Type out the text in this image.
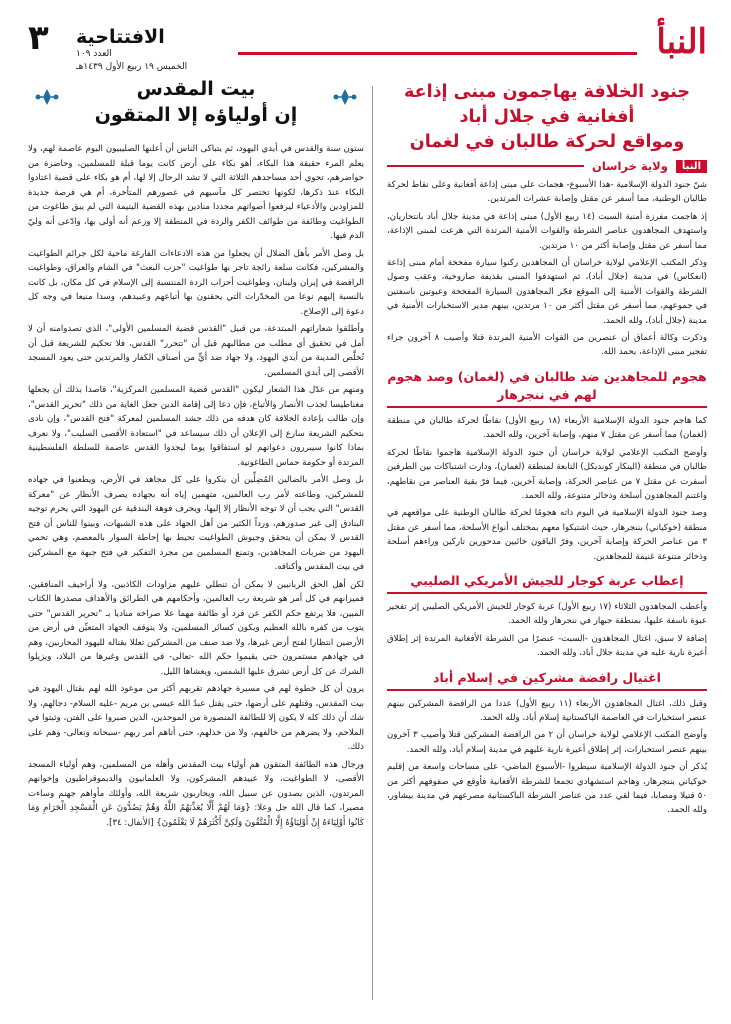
النبأ
الافتتاحية
العدد ١٠٩
الخميس ١٩ ربيع الأول ١٤٣٩هـ
٣
جنود الخلافة يهاجمون مبنى إذاعة
أفغانية في جلال أباد
ومواقع لحركة طالبان في لغمان
النبأ
ولاية خراسان

شنّ جنود الدولة الإسلامية -هذا الأسبوع- هجمات على مبنى إذاعة أفغانية وعلى نقاط لحركة طالبان الوطنية، مما أسفر عن مقتل وإصابة عشرات المرتدين.

إذ هاجمت مفرزة أمنية السبت (١٤ ربيع الأول) مبنى إذاعة في مدينة جلال أباد بانتحاريان، واستهدف المجاهدون عناصر الشرطة والقوات الأمنية المرتدة التي هرعت لمبنى الإذاعة، مما أسفر عن مقتل وإصابة أكثر من ١٠ مرتدين.

وذكر المكتب الإعلامي لولاية خراسان أن المجاهدين ركنوا سيارة مفخخة أمام مبنى إذاعة (انعكاس) في مدينة (جلال أباد)، ثم استهدفوا المبنى بقذيفة صاروخية، وعقب وصول الشرطة والقوات الأمنية إلى الموقع فجّر المجاهدون السيارة المفخخة وعبوتين ناسفتين في جموعهم، مما أسفر عن مقتل أكثر من ١٠ مرتدين، بينهم مدير الاستخبارات الأمنية في مدينة (جلال أباد)، ولله الحمد.

وذكرت وكالة أعماق أن عنصرين من القوات الأمنية المرتدة قتلا وأصيب ٨ آخرون جراء تفجير مبنى الإذاعة، بحمد الله.

هجوم للمجاهدين ضد طالبان في (لغمان) وصد هجوم لهم في ننجرهار

كما هاجم جنود الدولة الإسلامية الأربعاء (١٨ ربيع الأول) نقاطًا لحركة طالبان في منطقة (لغمان) مما أسفر عن مقتل ٧ منهم، وإصابة آخرين، ولله الحمد.

وأوضح المكتب الإعلامي لولاية خراسان أن جنود الدولة الإسلامية هاجموا نقاطًا لحركة طالبان في منطقة (الينكار كونديكل) التابعة لمنطقة (لغمان)، ودارت اشتباكات بين الطرفين أسفرت عن مقتل ٧ من عناصر الحركة، وإصابة آخرين، فيما فرّ بقية العناصر من نقاطهم، واغتنم المجاهدون أسلحة وذخائر متنوعة، ولله الحمد.

وصد جنود الدولة الإسلامية في اليوم ذاته هجومًا لحركة طالبان الوطنية على مواقعهم في منطقة (خوكياني) بننجرهار، حيث اشتبكوا معهم بمختلف أنواع الأسلحة، مما أسفر عن مقتل ٣ من عناصر الحركة وإصابة آخرين، وفرّ الباقون خائبين مدحورين تاركين وراءهم أسلحة وذخائر متنوعة غنيمة للمجاهدين.

إعطاب عربة كوجار للجيش الأمريكي الصليبي

وأعطب المجاهدون الثلاثاء (١٧ ربيع الأول) عربة كوجار للجيش الأمريكي الصليبي إثر تفجير عبوة ناسفة عليها، بمنطقة جبهار في ننجرهار ولله الحمد.

إضافة لا سبق، اغتال المجاهدون -السبت- عنصرًا من الشرطة الأفغانية المرتدة إثر إطلاق أعيرة نارية عليه في مدينة جلال أباد، ولله الحمد.

اغتيال رافضة مشركين في إسلام أباد

وقبل ذلك، اغتال المجاهدون الأربعاء (١١ ربيع الأول) عددا من الرافضة المشركين بينهم عنصر استخبارات في العاصمة الباكستانية إسلام أباد، ولله الحمد.

وأوضح المكتب الإعلامي لولاية خراسان أن ٢ من الرافضة المشركين قتلا وأصيب ٣ آخرون بينهم عنصر استخبارات، إثر إطلاق أعيرة نارية عليهم في مدينة إسلام أباد، ولله الحمد.

يُذكر أن جنود الدولة الإسلامية سيطروا -الأسبوع الماضي- على مساحات واسعة من إقليم خوكياني بننجرهار، وهاجم استشهادي تجمعا للشرطة الأفغانية فأوقع في صفوفهم أكثر من ٥٠ قتيلا ومصابا، فيما لقي عدد من عناصر الشرطة الباكستانية مصرعهم في مدينة بيشاور، ولله الحمد.

بيت المقدس
إن أولياؤه إلا المتقون

ستون سنة والقدس في أيدي اليهود، ثم يتباكى الناس أن أعلنها الصليبيون اليوم عاصمة لهم، ولا يعلم المرء حقيقة هذا البكاء، أهو بكاء على أرض كانت يوما قبلة للمسلمين، وحاضرة من حواضرهم، تحوي أحد مساجدهم الثلاثة التي لا تشد الرحال إلا لها، أم هو بكاء على قضية اعتادوا البكاء عندَ ذكرها، لكونها تختصر كل مآسيهم في عصورهم المتأخرة، أم هي فرصة جديدة للمزاودين والأدعياء ليرفعوا أصواتهم مجددا منادين بهذه القضية اليتيمة التي لم يبق طاغوت من الطواغيت وطائفة من طوائف الكفر والردة في المنطقة إلا وزعم أنه أولى بها، وادّعى أنه وليّ الدم فيها.

بل وصل الأمر بأهل الضلال أن يجعلوا من هذه الادعاءات الفارغة ماحية لكل جرائم الطواغيت والمشركين، فكانت سلعة رائجة تاجر بها طواغيت "حزب البعث" في الشام والعراق، وطواغيت الرافضة في إيران ولبنان، وطواغيت أحزاب الردة المنتسبة إلى الإسلام في كل مكان، بل كانت بالنسبة إليهم نوعا من المخدّرات التي يحقنون بها أتباعهم وعبيدهم، وسدا منيعا في وجه كل دعوة إلى الإصلاح.

وأطلقوا شعاراتهم المبتدعة، من قبيل "القدس قضية المسلمين الأولى"، الذي تصدوامنه أن لا أمل في تحقيق أي مطلب من مطالبهم قبل أن "تتحرر" القدس، فلا تحكيم للشريعة قبل أن تُخلَّص المدينة من أيدي اليهود، ولا جهاد ضد أيٍّ من أصناف الكفار والمرتدين حتى يعود المسجد الأقصى إلى أيدي المسلمين.

ومنهم من عدّل هذا الشعار ليكون "القدس قضية المسلمين المركزية"، قاصدا بذلك أن يجعلها مغناطيسا لجذب الأنصار والأتباع، فإن دعا إلى إقامة الدين جعل الغاية من ذلك "تحرير القدس"، وإن طالب بإعادة الخلافة كان هدفه من ذلك حشد المسلمين لمعركة "فتح القدس"، وإن نادى بتحكيم الشريعة سارع إلى الإعلان أن ذلك سيساعد في "استعادة الأقصى السليب"، ولا نعرف بماذا كانوا سيبررون دعواتهم لو استفاقوا يوما ليجدوا القدس عاصمة للسلطة الفلسطينية المرتدة أو حكومة حماس الطاغوتية.

بل وصل الأمر بالضالين المُضِلِّين أن ينكروا على كل مجاهد في الأرض، ويطعنوا في جهاده للمشركين، وطاعته لأمر رب العالمين، متهمين إياه أنه بجهاده يصرف الأنظار عن "معركة القدس" التي يجب أن لا توجه الأنظار إلا إليها، ويحرف فوهة البندقية عن اليهود التي يحرم توجيه البنادق إلى غير صدورهم، ورداً الكثير من أهل الجهاد على هذه الشبهات، وبينوا للناس أن فتح القدس لا يمكن أن يتحقق وجيوش الطواغيت تحيط بها إحاطة السوار بالمعصم، وهي تحمي اليهود من ضربات المجاهدين، وتمنع المسلمين من مجرد التفكير في فتح جبهة مع المشركين في بيت المقدس وأكنافه.

لكن أهل الحق الربانيين لا يمكن أن تنطلي عليهم مزاودات الكاذبين، ولا أراجيف المنافقين، فميزانهم في كل أمر هو شريعة رب العالمين، وأحكامهم هي الطرائق والأهداف مصدرها الكتاب المبين، فلا يرتفع حكم الكفر عن فرد أو طائفة مهما علا صراخه مناديا بـ "تحرير القدس" حتى يتوب من كفره بالله العظيم ويكون كسائر المسلمين، ولا يتوقف الجهاد المتعيِّن في أرض من الأرضين انتظارا لفتح أرض غيرها، ولا ضد صنف من المشركين تعللا بقتاله لليهود المحاربين، وهم في جهادهم مستمرون حتى يقيموا حكم الله -تعالى- في القدس وغيرها من البلاد، ويزيلوا الشرك عن كل أرض تشرق عليها الشمس، ويغشاها الليل.

يرون أن كل خطوة لهم في مسيرة جهادهم تقربهم أكثر من موعود الله لهم بقتال اليهود في بيت المقدس، وقتلهم على أرضها، حتى يقتل عبدُ الله عيسى بن مريم -عليه السلام- دجالهم، ولا شك أن ذلك كله لا يكون إلا للطائفة المنصورة من الموحدين، الذين صبروا على الفتن، وثبتوا في الملاحم، ولا يضرهم من خالفهم، ولا من خذلهم، حتى أتاهم أمر ربهم -سبحانه وتعالى- وهم على ذلك.

ورجال هذه الطائفة المتقون هم أولياء بيت المقدس وأهله من المسلمين، وهم أولياء المسجد الأقصى، لا الطواغيت، ولا عبيدهم المشركون، ولا العلمانيون والديموقراطيون وإخوانهم المرتدون، الذين يصدون عن سبيل الله، ويحاربون شريعة الله، وأولئك مأواهم جهنم وساءت مصيرا، كما قال الله جل وعلا: {وَمَا لَهُمْ أَلَّا يُعَذِّبَهُمُ اللَّهُ وَهُمْ يَصُدُّونَ عَنِ الْمَسْجِدِ الْحَرَامِ وَمَا كَانُوا أَوْلِيَاءَهُ إِنْ أَوْلِيَاؤُهُ إِلَّا الْمُتَّقُونَ وَلَكِنَّ أَكْثَرَهُمْ لَا يَعْلَمُونَ} [الأنفال: ٣٤].
